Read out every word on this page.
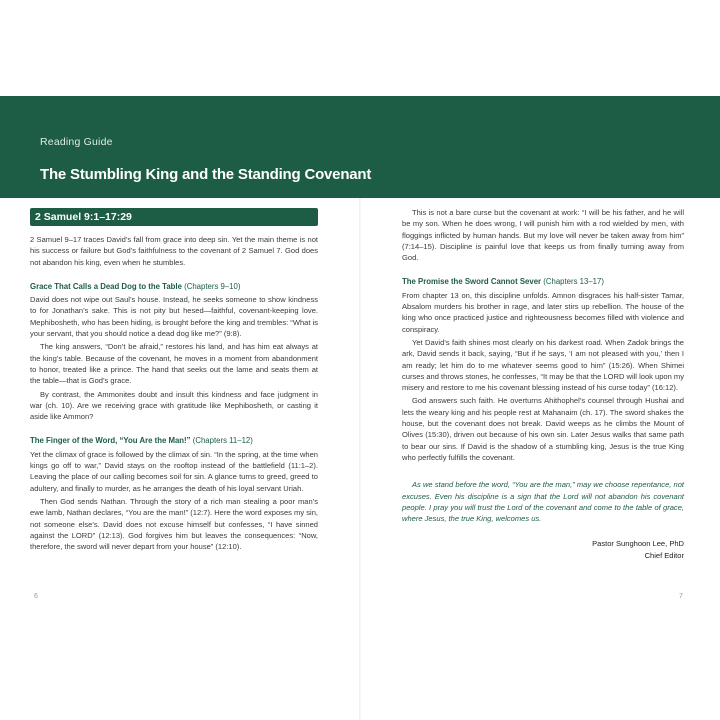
Reading Guide
The Stumbling King and the Standing Covenant
2 Samuel 9:1–17:29

2 Samuel 9–17 traces David’s fall from grace into deep sin. Yet the main theme is not his success or failure but God’s faithfulness to the covenant of 2 Samuel 7. God does not abandon his king, even when he stumbles.

Grace That Calls a Dead Dog to the Table (Chapters 9–10)

David does not wipe out Saul’s house. Instead, he seeks someone to show kindness to for Jonathan’s sake. This is not pity but hesed—faithful, covenant-keeping love. Mephibosheth, who has been hiding, is brought before the king and trembles: “What is your servant, that you should notice a dead dog like me?” (9:8).

The king answers, “Don’t be afraid,” restores his land, and has him eat always at the king’s table. Because of the covenant, he moves in a moment from abandonment to honor, treated like a prince. The hand that seeks out the lame and seats them at the table—that is God’s grace.

By contrast, the Ammonites doubt and insult this kindness and face judgment in war (ch. 10). Are we receiving grace with gratitude like Mephibosheth, or casting it aside like Ammon?

The Finger of the Word, “You Are the Man!” (Chapters 11–12)

Yet the climax of grace is followed by the climax of sin. “In the spring, at the time when kings go off to war,” David stays on the rooftop instead of the battlefield (11:1–2). Leaving the place of our calling becomes soil for sin. A glance turns to greed, greed to adultery, and finally to murder, as he arranges the death of his loyal servant Uriah.

Then God sends Nathan. Through the story of a rich man stealing a poor man’s ewe lamb, Nathan declares, “You are the man!” (12:7). Here the word exposes my sin, not someone else’s. David does not excuse himself but confesses, “I have sinned against the LORD” (12:13). God forgives him but leaves the consequences: “Now, therefore, the sword will never depart from your house” (12:10).

This is not a bare curse but the covenant at work: “I will be his father, and he will be my son. When he does wrong, I will punish him with a rod wielded by men, with floggings inflicted by human hands. But my love will never be taken away from him” (7:14–15). Discipline is painful love that keeps us from finally turning away from God.

The Promise the Sword Cannot Sever (Chapters 13–17)

From chapter 13 on, this discipline unfolds. Amnon disgraces his half-sister Tamar, Absalom murders his brother in rage, and later stirs up rebellion. The house of the king who once practiced justice and righteousness becomes filled with violence and conspiracy.

Yet David’s faith shines most clearly on his darkest road. When Zadok brings the ark, David sends it back, saying, “But if he says, ‘I am not pleased with you,’ then I am ready; let him do to me whatever seems good to him” (15:26). When Shimei curses and throws stones, he confesses, “It may be that the LORD will look upon my misery and restore to me his covenant blessing instead of his curse today” (16:12).

God answers such faith. He overturns Ahithophel’s counsel through Hushai and lets the weary king and his people rest at Mahanaim (ch. 17). The sword shakes the house, but the covenant does not break. David weeps as he climbs the Mount of Olives (15:30), driven out because of his own sin. Later Jesus walks that same path to bear our sins. If David is the shadow of a stumbling king, Jesus is the true King who perfectly fulfills the covenant.

As we stand before the word, “You are the man,” may we choose repentance, not excuses. Even his discipline is a sign that the Lord will not abandon his covenant people. I pray you will trust the Lord of the covenant and come to the table of grace, where Jesus, the true King, welcomes us.

Pastor Sunghoon Lee, PhD
Chief Editor
6	7
